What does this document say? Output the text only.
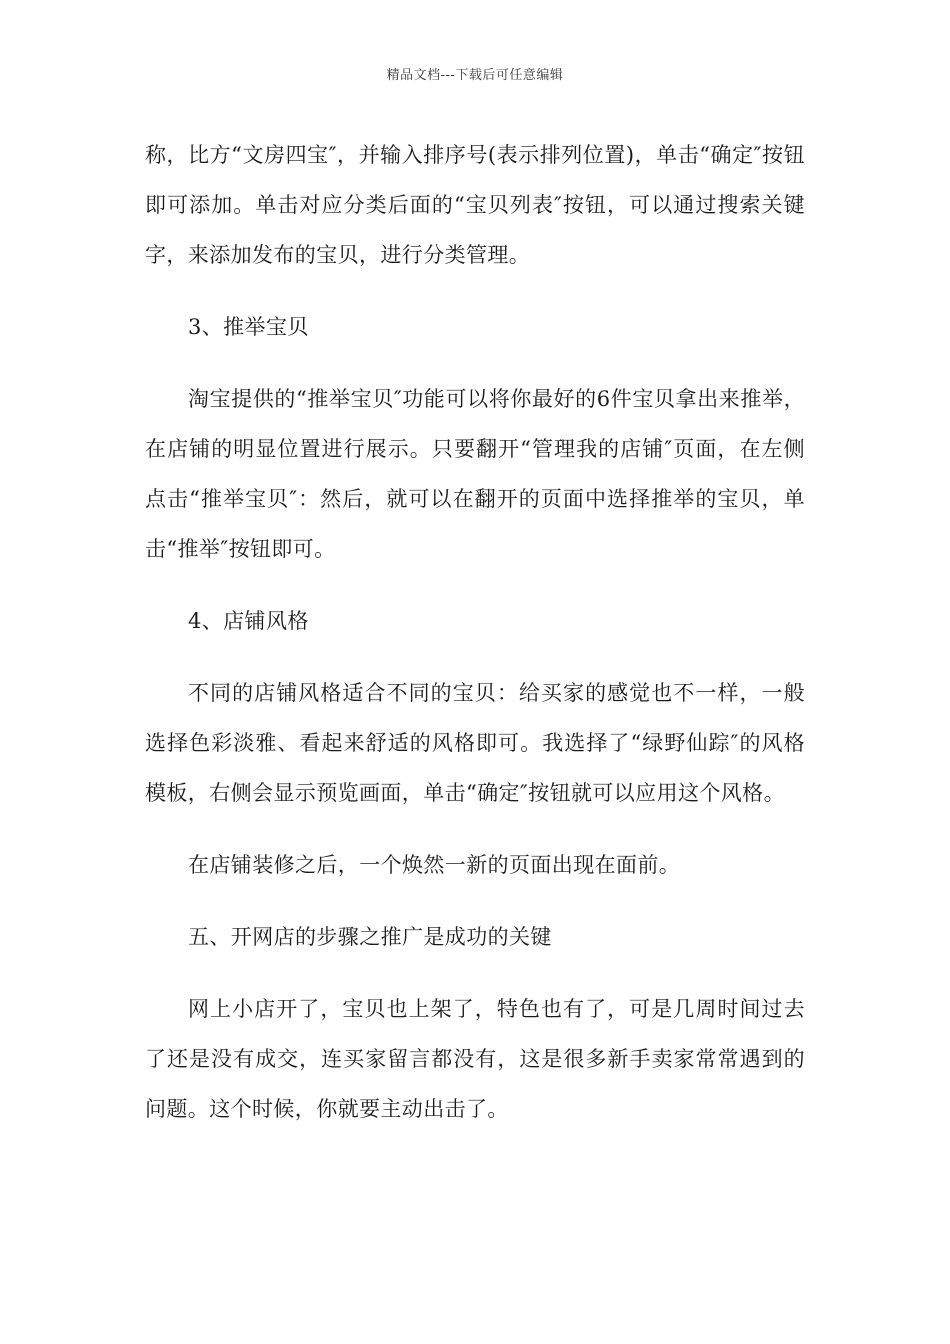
精品文档---下载后可任意编辑

称，比方“文房四宝″，并输入排序号(表示排列位置)，单击“确定″按钮即可添加。单击对应分类后面的“宝贝列表″按钮，可以通过搜索关键字，来添加发布的宝贝，进行分类管理。

3、推举宝贝

淘宝提供的“推举宝贝″功能可以将你最好的6件宝贝拿出来推举，在店铺的明显位置进行展示。只要翻开“管理我的店铺″页面，在左侧点击“推举宝贝″：然后，就可以在翻开的页面中选择推举的宝贝，单击“推举″按钮即可。

4、店铺风格

不同的店铺风格适合不同的宝贝：给买家的感觉也不一样，一般选择色彩淡雅、看起来舒适的风格即可。我选择了“绿野仙踪″的风格模板，右侧会显示预览画面，单击“确定″按钮就可以应用这个风格。

在店铺装修之后，一个焕然一新的页面出现在面前。

五、开网店的步骤之推广是成功的关键

网上小店开了，宝贝也上架了，特色也有了，可是几周时间过去了还是没有成交，连买家留言都没有，这是很多新手卖家常常遇到的问题。这个时候，你就要主动出击了。
